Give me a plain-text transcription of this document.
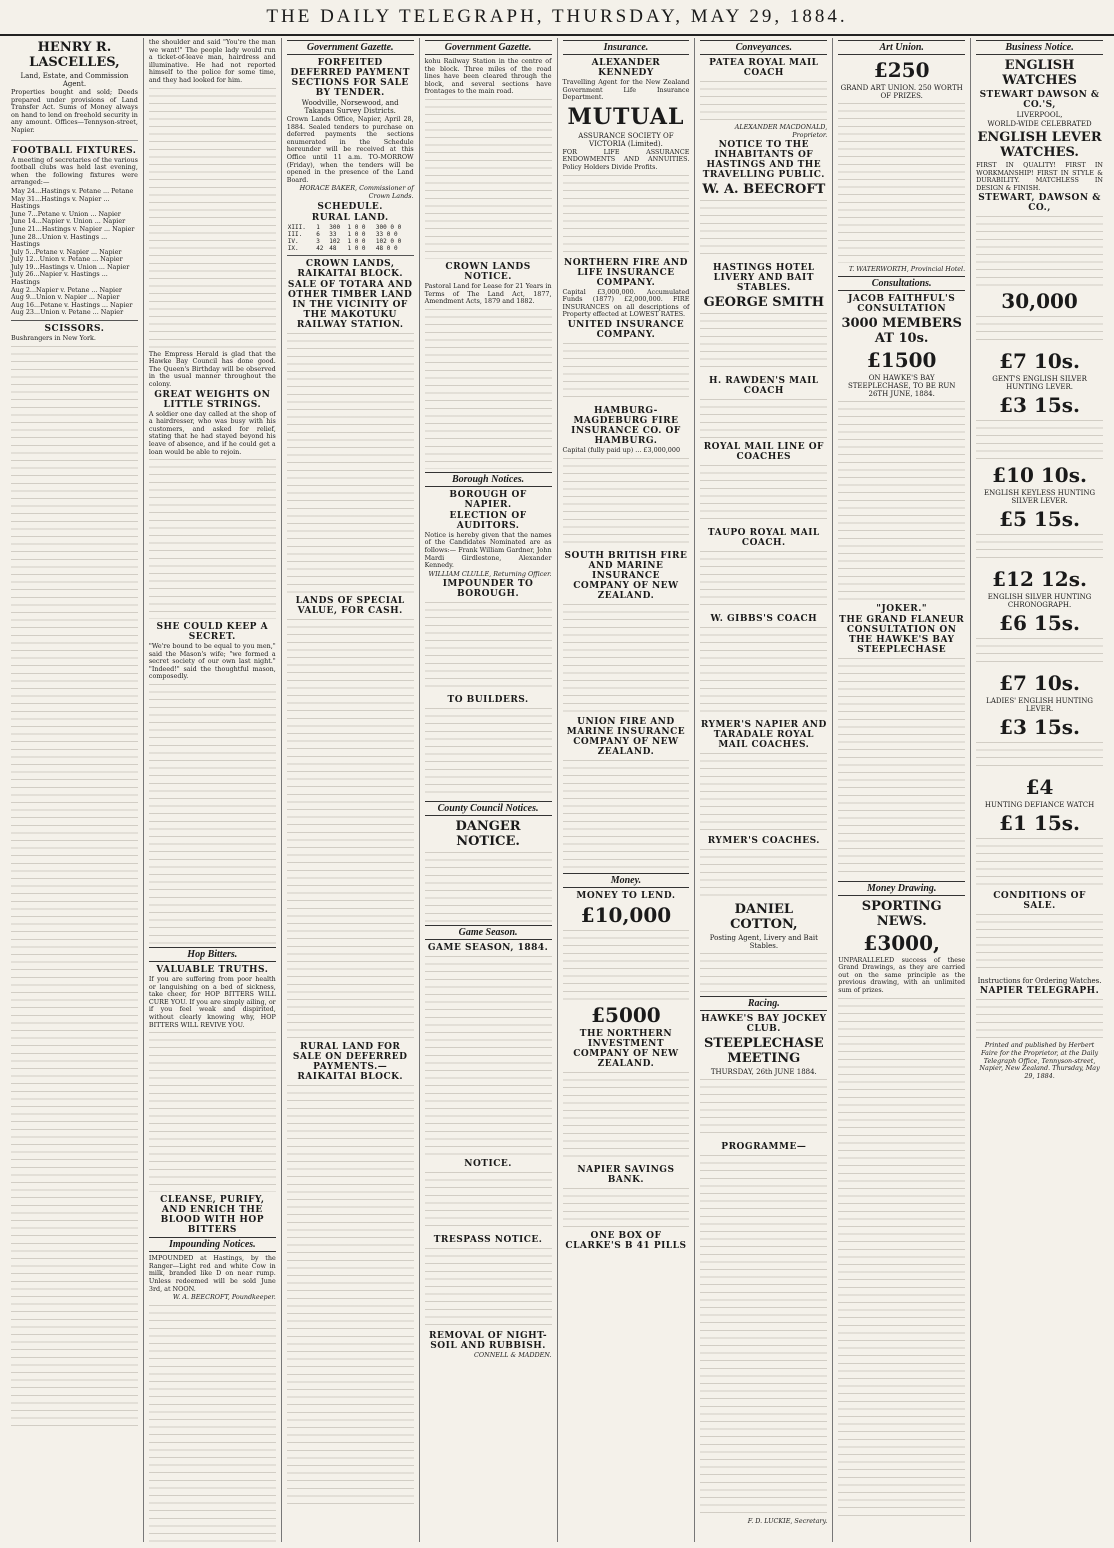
THE DAILY TELEGRAPH, THURSDAY, MAY 29, 1884.
HENRY R. LASCELLES,
Land, Estate, and Commission Agent.
Properties bought and sold; Deeds prepared under provisions of Land Transfer Act. Sums of Money always on hand to lend on freehold security in any amount. Offices—Tennyson-street, Napier.
FOOTBALL FIXTURES.
A meeting of secretaries of the various football clubs was held last evening, when the following fixtures were arranged:—
May 24...Hastings v. Petane ... Petane
May 31...Hastings v. Napier ... Hastings
June 7...Petane v. Union ... Napier
June 14...Napier v. Union ... Napier
June 21...Hastings v. Napier ... Napier
June 28...Union v. Hastings ... Hastings
July 5...Petane v. Napier ... Napier
July 12...Union v. Petane ... Napier
July 19...Hastings v. Union ... Napier
July 26...Napier v. Hastings ... Hastings
Aug 2...Napier v. Petane ... Napier
Aug 9...Union v. Napier ... Napier
Aug 16...Petane v. Hastings ... Napier
Aug 23...Union v. Petane ... Napier
SCISSORS.
Bushrangers in New York.
the shoulder and said "You're the man we want!" The people lady would run a ticket-of-leave man, hairdress and illuminative. He had not reported himself to the police for some time, and they had looked for him.
The Empress Herald is glad that the Hawke Bay Council has done good. The Queen's Birthday will be observed in the usual manner throughout the colony.
GREAT WEIGHTS ON LITTLE STRINGS.
A soldier one day called at the shop of a hairdresser, who was busy with his customers, and asked for relief, stating that he had stayed beyond his leave of absence, and if he could get a loan would be able to rejoin.
SHE COULD KEEP A SECRET.
"We're bound to be equal to you men," said the Mason's wife; "we formed a secret society of our own last night." "Indeed!" said the thoughtful mason, composedly.
Hop Bitters.
VALUABLE TRUTHS.
If you are suffering from poor health or languishing on a bed of sickness, take cheer, for HOP BITTERS WILL CURE YOU. If you are simply ailing, or if you feel weak and dispirited, without clearly knowing why, HOP BITTERS WILL REVIVE YOU.
CLEANSE, PURIFY, AND ENRICH THE BLOOD WITH HOP BITTERS
Impounding Notices.
IMPOUNDED at Hastings, by the Ranger—Light red and white Cow in milk, branded like D on near rump. Unless redeemed will be sold June 3rd, at NOON.
W. A. BEECROFT, Poundkeeper.
Government Gazette.
FORFEITED DEFERRED PAYMENT SECTIONS FOR SALE BY TENDER.
Woodville, Norsewood, and Takapau Survey Districts.
Crown Lands Office, Napier, April 28, 1884. Sealed tenders to purchase on deferred payments the sections enumerated in the Schedule hereunder will be received at this Office until 11 a.m. TO-MORROW (Friday), when the tenders will be opened in the presence of the Land Board.
HORACE BAKER, Commissioner of Crown Lands.
SCHEDULE.
RURAL LAND.
XIII.	1	300	1 0 0	300 0 0
III.	6	33	1 0 0	33 0 0
IV.	3	102	1 0 0	102 0 0
IX.	42	48	1 0 0	48 0 0
CROWN LANDS, RAIKAITAI BLOCK.
SALE OF TOTARA AND OTHER TIMBER LAND IN THE VICINITY OF THE MAKOTUKU RAILWAY STATION.
LANDS OF SPECIAL VALUE, FOR CASH.
RURAL LAND FOR SALE ON DEFERRED PAYMENTS.—RAIKAITAI BLOCK.
Government Gazette.
kohu Railway Station in the centre of the block. Three miles of the road lines have been cleared through the block, and several sections have frontages to the main road.
CROWN LANDS NOTICE.
Pastoral Land for Lease for 21 Years in Terms of The Land Act, 1877, Amendment Acts, 1879 and 1882.
Borough Notices.
BOROUGH OF NAPIER.
ELECTION OF AUDITORS.
Notice is hereby given that the names of the Candidates Nominated are as follows:— Frank William Gardner, John Mardi Girdlestone, Alexander Kennedy.
WILLIAM CLULLE, Returning Officer.
IMPOUNDER TO BOROUGH.
TO BUILDERS.
County Council Notices.
DANGER NOTICE.
Game Season.
GAME SEASON, 1884.
NOTICE.
TRESPASS NOTICE.
REMOVAL OF NIGHT-SOIL AND RUBBISH.
CONNELL & MADDEN.
Insurance.
ALEXANDER KENNEDY
Travelling Agent for the New Zealand Government Life Insurance Department.
MUTUAL
ASSURANCE SOCIETY OF VICTORIA (Limited).
FOR LIFE ASSURANCE ENDOWMENTS AND ANNUITIES. Policy Holders Divide Profits.
NORTHERN FIRE AND LIFE INSURANCE COMPANY.
Capital £3,000,000. Accumulated Funds (1877) £2,000,000. FIRE INSURANCES on all descriptions of Property effected at LOWEST RATES.
UNITED INSURANCE COMPANY.
HAMBURG-MAGDEBURG FIRE INSURANCE CO. OF HAMBURG.
Capital (fully paid up) ... £3,000,000
SOUTH BRITISH FIRE AND MARINE INSURANCE COMPANY OF NEW ZEALAND.
UNION FIRE AND MARINE INSURANCE COMPANY OF NEW ZEALAND.
Money.
MONEY TO LEND.
£10,000
£5000
THE NORTHERN INVESTMENT COMPANY OF NEW ZEALAND.
NAPIER SAVINGS BANK.
ONE BOX OF CLARKE'S B 41 PILLS
Conveyances.
PATEA ROYAL MAIL COACH
ALEXANDER MACDONALD, Proprietor.
NOTICE TO THE INHABITANTS OF HASTINGS AND THE TRAVELLING PUBLIC.
W. A. BEECROFT
HASTINGS HOTEL LIVERY AND BAIT STABLES.
GEORGE SMITH
H. RAWDEN'S MAIL COACH
ROYAL MAIL LINE OF COACHES
TAUPO ROYAL MAIL COACH.
W. GIBBS'S COACH
RYMER'S NAPIER AND TARADALE ROYAL MAIL COACHES.
RYMER'S COACHES.
DANIEL COTTON,
Posting Agent, Livery and Bait Stables.
Racing.
HAWKE'S BAY JOCKEY CLUB.
STEEPLECHASE MEETING
THURSDAY, 26th JUNE 1884.
PROGRAMME—
F. D. LUCKIE, Secretary.
Art Union.
£250
GRAND ART UNION. 250 WORTH OF PRIZES.
T. WATERWORTH, Provincial Hotel.
Consultations.
JACOB FAITHFUL'S CONSULTATION
3000 MEMBERS AT 10s.
£1500
ON HAWKE'S BAY STEEPLECHASE, TO BE RUN 26TH JUNE, 1884.
"JOKER."
THE GRAND FLANEUR CONSULTATION ON THE HAWKE'S BAY STEEPLECHASE
Money Drawing.
SPORTING NEWS.
£3000,
UNPARALLELED success of these Grand Drawings, as they are carried out on the same principle as the previous drawing, with an unlimited sum of prizes.
Business Notice.
ENGLISH WATCHES
STEWART DAWSON & CO.'S,
LIVERPOOL,
WORLD-WIDE CELEBRATED
ENGLISH LEVER WATCHES.
FIRST IN QUALITY! FIRST IN WORKMANSHIP! FIRST IN STYLE & DURABILITY. MATCHLESS IN DESIGN & FINISH.
STEWART, DAWSON & CO.,
30,000
£7 10s.
GENT'S ENGLISH SILVER HUNTING LEVER.
£3 15s.
£10 10s.
ENGLISH KEYLESS HUNTING SILVER LEVER.
£5 15s.
£12 12s.
ENGLISH SILVER HUNTING CHRONOGRAPH.
£6 15s.
£7 10s.
LADIES' ENGLISH HUNTING LEVER.
£3 15s.
£4
HUNTING DEFIANCE WATCH
£1 15s.
CONDITIONS OF SALE.
Instructions for Ordering Watches.
NAPIER TELEGRAPH.
Printed and published by Herbert Faire for the Proprietor, at the Daily Telegraph Office, Tennyson-street, Napier, New Zealand. Thursday, May 29, 1884.
